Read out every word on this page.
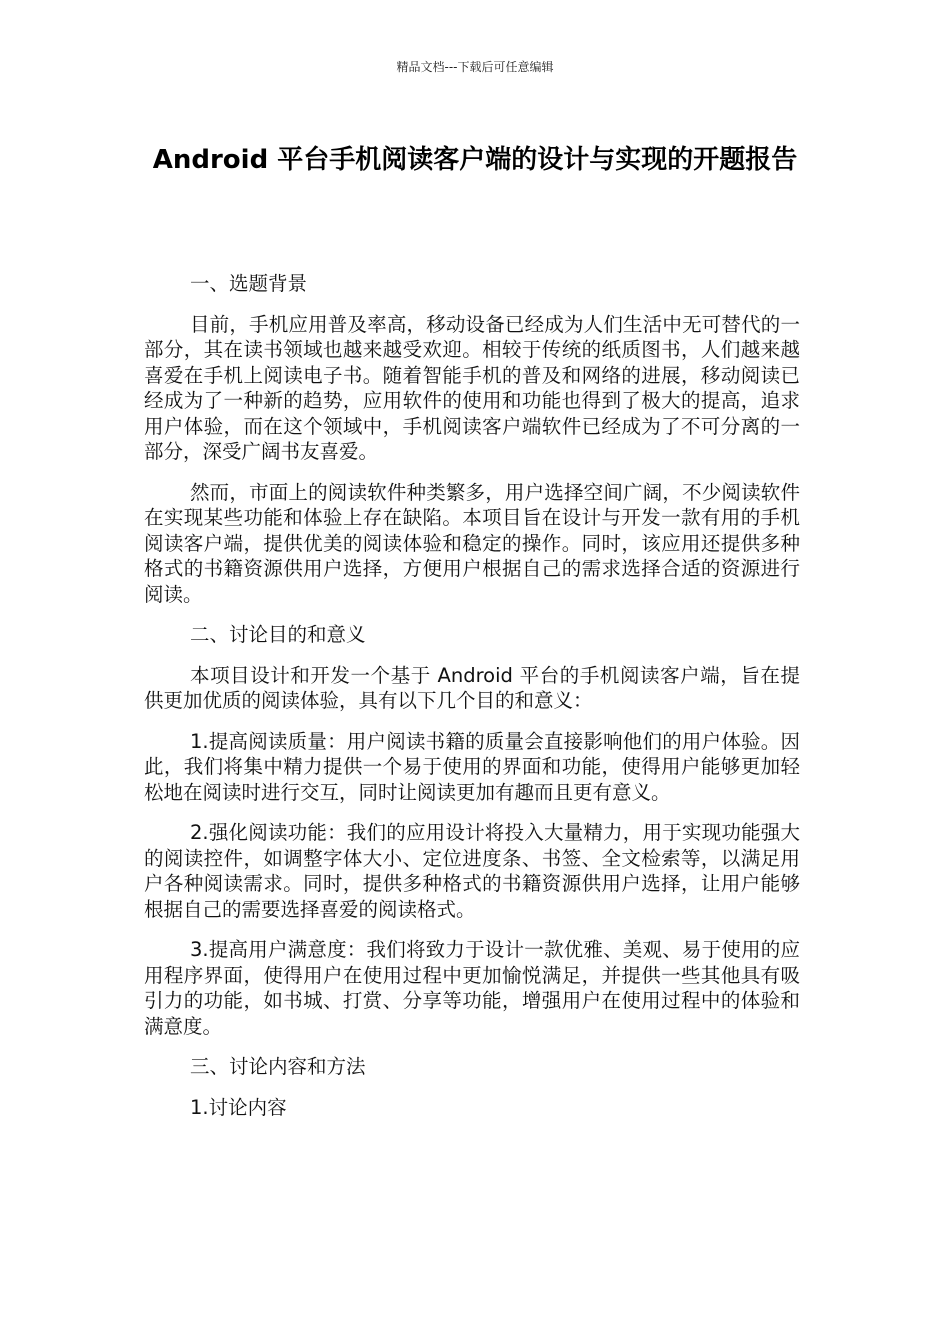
精品文档---下载后可任意编辑
Android 平台手机阅读客户端的设计与实现的开题报告

一、选题背景

目前，手机应用普及率高，移动设备已经成为人们生活中无可替代的一部分，其在读书领域也越来越受欢迎。相较于传统的纸质图书，人们越来越喜爱在手机上阅读电子书。随着智能手机的普及和网络的进展，移动阅读已经成为了一种新的趋势，应用软件的使用和功能也得到了极大的提高，追求用户体验，而在这个领域中，手机阅读客户端软件已经成为了不可分离的一部分，深受广阔书友喜爱。

然而，市面上的阅读软件种类繁多，用户选择空间广阔，不少阅读软件在实现某些功能和体验上存在缺陷。本项目旨在设计与开发一款有用的手机阅读客户端，提供优美的阅读体验和稳定的操作。同时，该应用还提供多种格式的书籍资源供用户选择，方便用户根据自己的需求选择合适的资源进行阅读。

二、讨论目的和意义

本项目设计和开发一个基于 Android 平台的手机阅读客户端，旨在提供更加优质的阅读体验，具有以下几个目的和意义：

1.提高阅读质量：用户阅读书籍的质量会直接影响他们的用户体验。因此，我们将集中精力提供一个易于使用的界面和功能，使得用户能够更加轻松地在阅读时进行交互，同时让阅读更加有趣而且更有意义。

2.强化阅读功能：我们的应用设计将投入大量精力，用于实现功能强大的阅读控件，如调整字体大小、定位进度条、书签、全文检索等，以满足用户各种阅读需求。同时，提供多种格式的书籍资源供用户选择，让用户能够根据自己的需要选择喜爱的阅读格式。

3.提高用户满意度：我们将致力于设计一款优雅、美观、易于使用的应用程序界面，使得用户在使用过程中更加愉悦满足，并提供一些其他具有吸引力的功能，如书城、打赏、分享等功能，增强用户在使用过程中的体验和满意度。

三、讨论内容和方法

1.讨论内容
